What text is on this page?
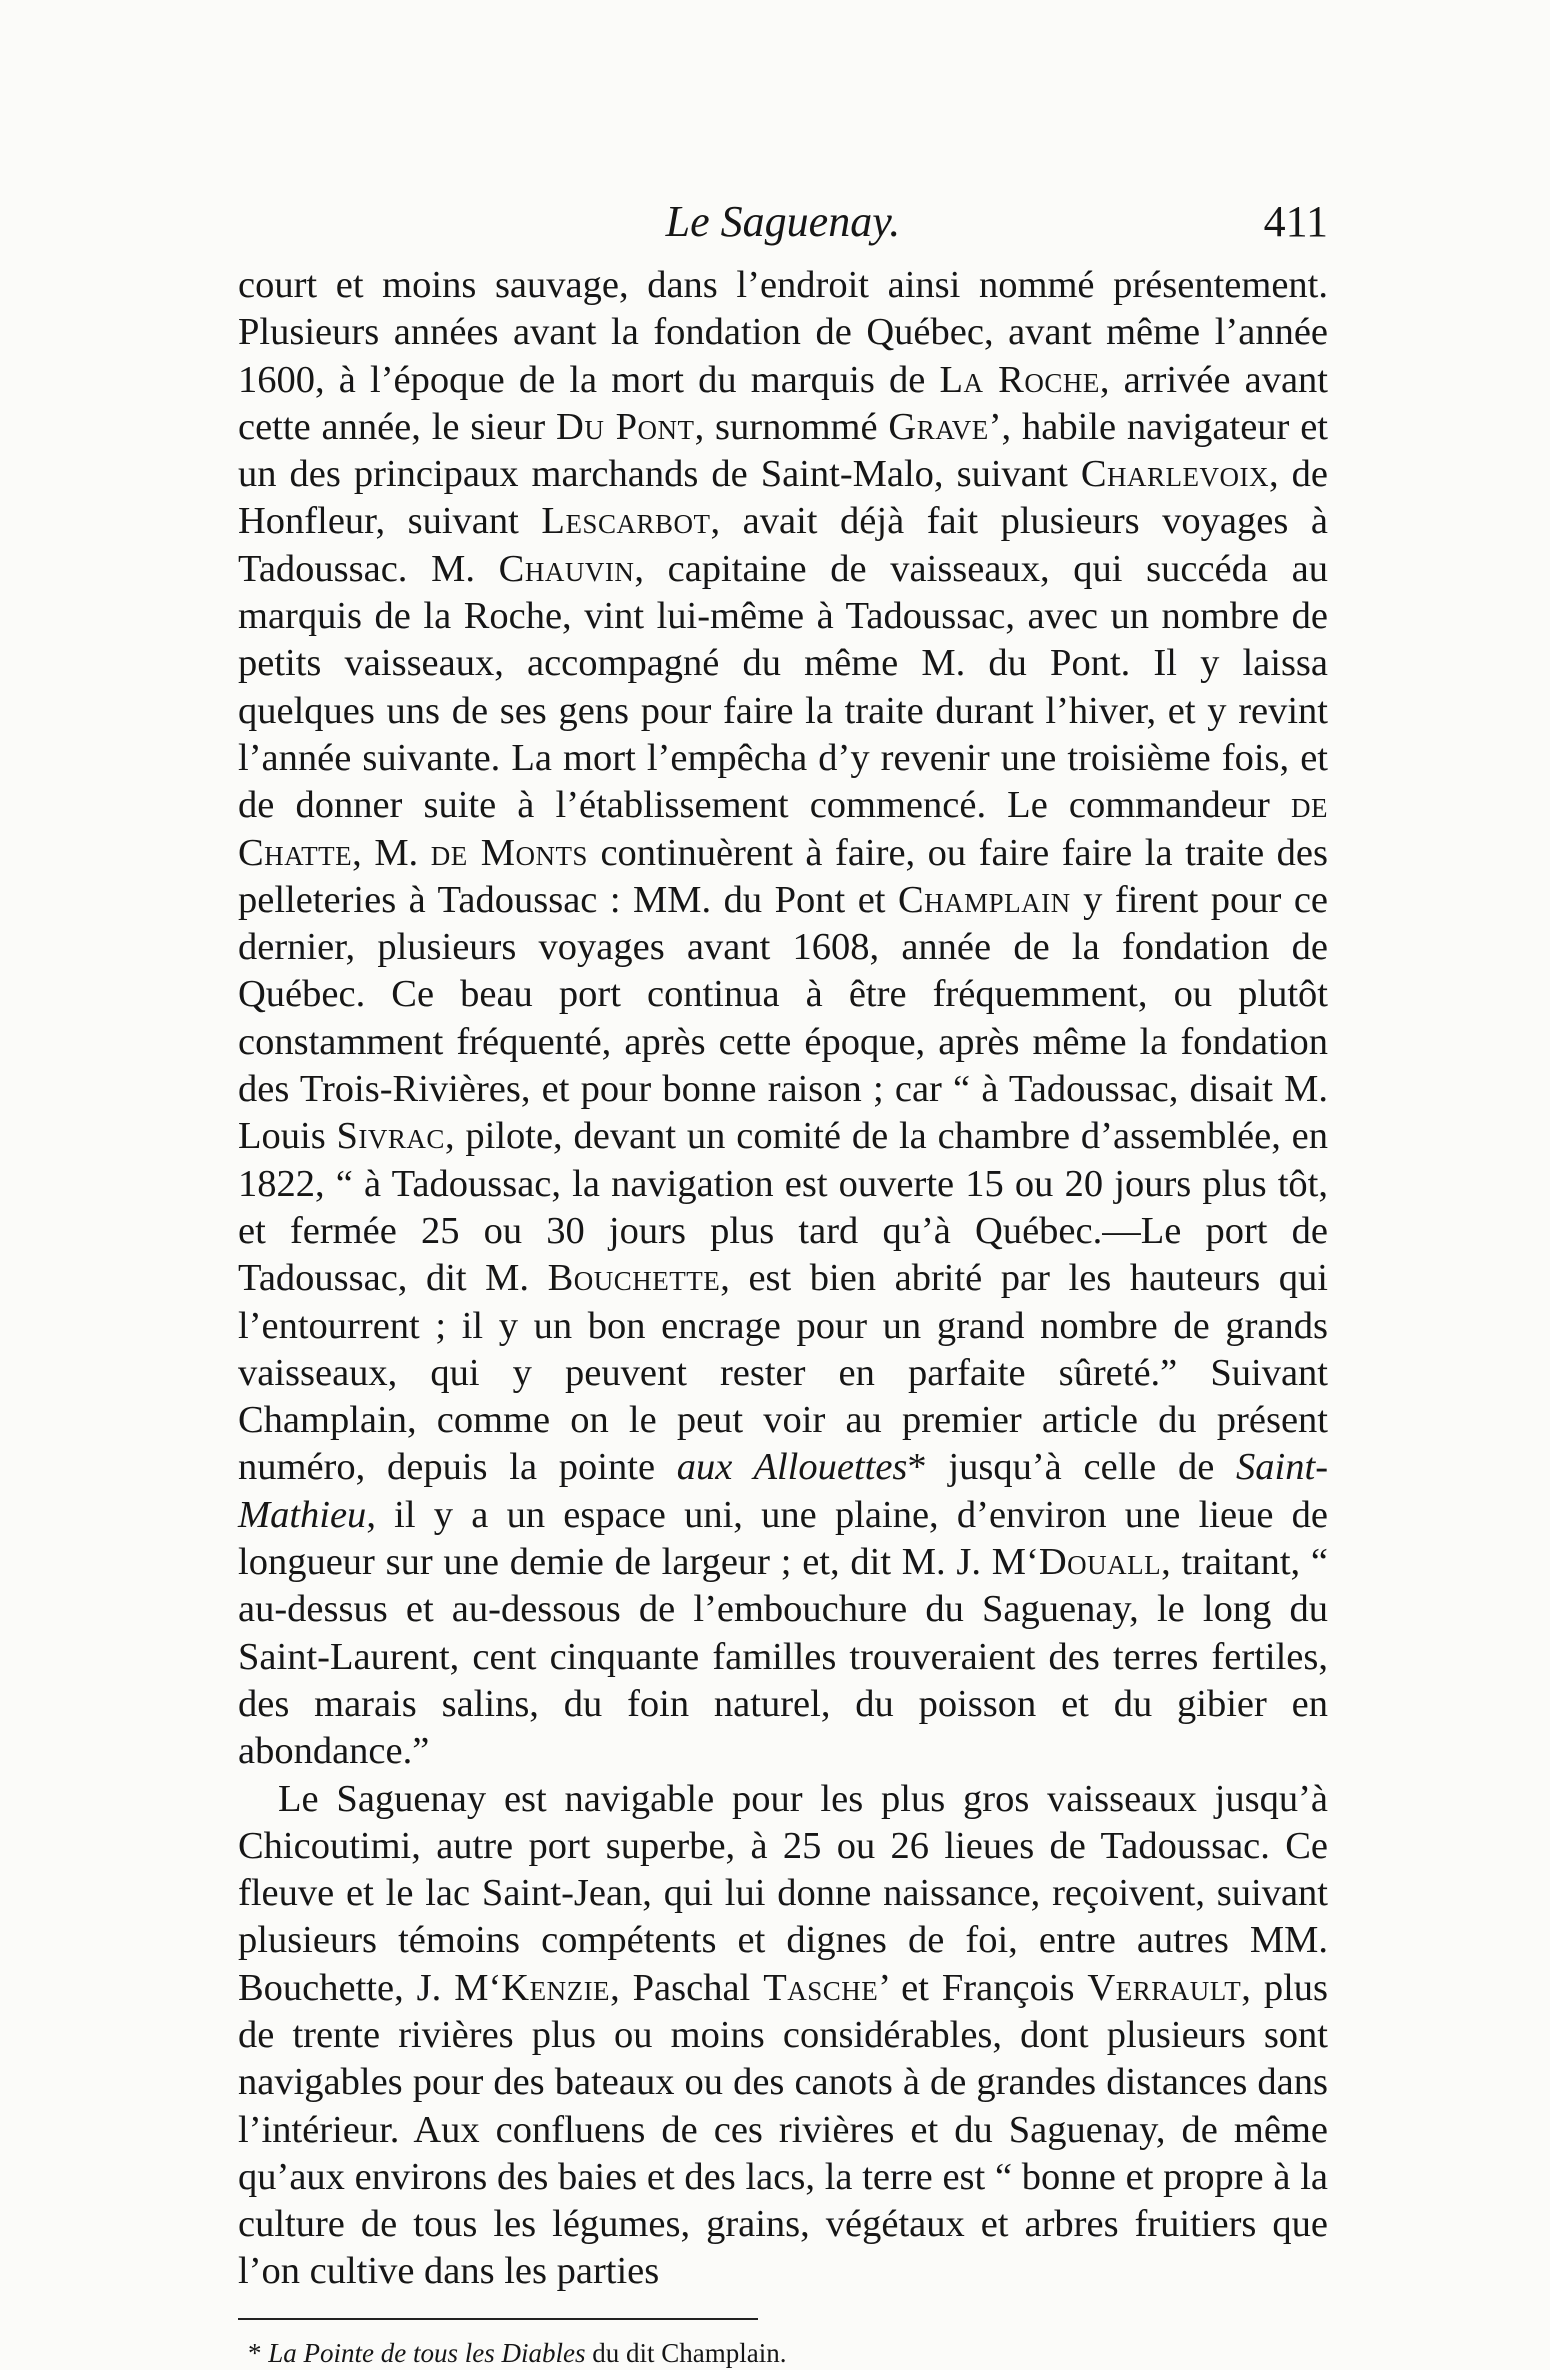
Le Saguenay.	411

court et moins sauvage, dans l’endroit ainsi nommé présentement. Plusieurs années avant la fondation de Québec, avant même l’année 1600, à l’époque de la mort du marquis de La Roche, arrivée avant cette année, le sieur Du Pont, surnommé Grave’, habile navigateur et un des principaux marchands de Saint-Malo, suivant Charlevoix, de Honfleur, suivant Lescarbot, avait déjà fait plusieurs voyages à Tadoussac. M. Chauvin, capitaine de vaisseaux, qui succéda au marquis de la Roche, vint lui-même à Tadoussac, avec un nombre de petits vaisseaux, accompagné du même M. du Pont. Il y laissa quelques uns de ses gens pour faire la traite durant l’hiver, et y revint l’année suivante. La mort l’empêcha d’y revenir une troisième fois, et de donner suite à l’établissement commencé. Le commandeur de Chatte, M. de Monts continuèrent à faire, ou faire faire la traite des pelleteries à Tadoussac : MM. du Pont et Champlain y firent pour ce dernier, plusieurs voyages avant 1608, année de la fondation de Québec. Ce beau port continua à être fréquemment, ou plutôt constamment fréquenté, après cette époque, après même la fondation des Trois-Rivières, et pour bonne raison ; car “ à Tadoussac, disait M. Louis Sivrac, pilote, devant un comité de la chambre d’assemblée, en 1822, “ à Tadoussac, la navigation est ouverte 15 ou 20 jours plus tôt, et fermée 25 ou 30 jours plus tard qu’à Québec.—Le port de Tadoussac, dit M. Bouchette, est bien abrité par les hauteurs qui l’entourrent ; il y un bon encrage pour un grand nombre de grands vaisseaux, qui y peuvent rester en parfaite sûreté.” Suivant Champlain, comme on le peut voir au premier article du présent numéro, depuis la pointe aux Allouettes* jusqu’à celle de Saint-Mathieu, il y a un espace uni, une plaine, d’environ une lieue de longueur sur une demie de largeur ; et, dit M. J. M‘Douall, traitant, “ au-dessus et au-dessous de l’embouchure du Saguenay, le long du Saint-Laurent, cent cinquante familles trouveraient des terres fertiles, des marais salins, du foin naturel, du poisson et du gibier en abondance.”

Le Saguenay est navigable pour les plus gros vaisseaux jusqu’à Chicoutimi, autre port superbe, à 25 ou 26 lieues de Tadoussac. Ce fleuve et le lac Saint-Jean, qui lui donne naissance, reçoivent, suivant plusieurs témoins compétents et dignes de foi, entre autres MM. Bouchette, J. M‘Kenzie, Paschal Tasche’ et François Verrault, plus de trente rivières plus ou moins considérables, dont plusieurs sont navigables pour des bateaux ou des canots à de grandes distances dans l’intérieur. Aux confluens de ces rivières et du Saguenay, de même qu’aux environs des baies et des lacs, la terre est “ bonne et propre à la culture de tous les légumes, grains, végétaux et arbres fruitiers que l’on cultive dans les parties

* La Pointe de tous les Diables du dit Champlain.
